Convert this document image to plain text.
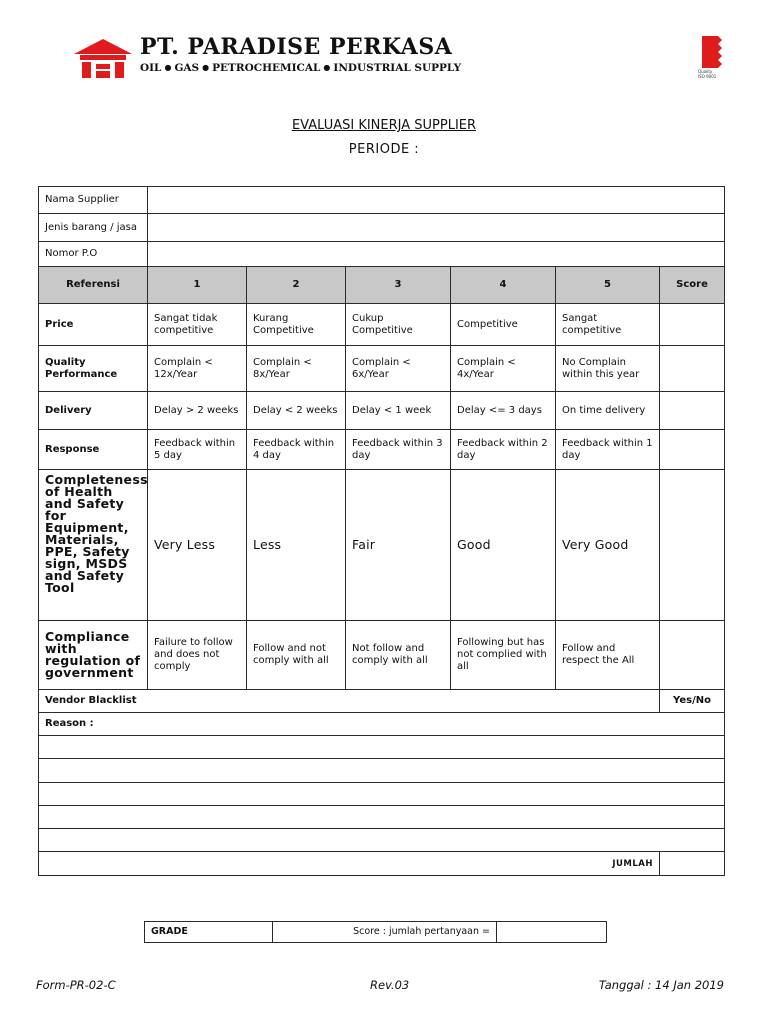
PT. PARADISE PERKASA
OIL ● GAS ● PETROCHEMICAL ● INDUSTRIAL SUPPLY	Quality
ISO 9001
EVALUASI KINERJA SUPPLIER
PERIODE :
Nama Supplier						
Jenis barang / jasa						
Nomor P.O						
Referensi	1	2	3	4	5	Score
Price	Sangat tidak competitive	Kurang Competitive	Cukup Competitive	Competitive	Sangat competitive	
Quality Performance	Complain < 12x/Year	Complain < 8x/Year	Complain < 6x/Year	Complain < 4x/Year	No Complain within this year	
Delivery	Delay > 2 weeks	Delay < 2 weeks	Delay < 1 week	Delay <= 3 days	On time delivery	
Response	Feedback within 5 day	Feedback within 4 day	Feedback within 3 day	Feedback within 2 day	Feedback within 1 day	
Completeness of Health and Safety for Equipment, Materials, PPE, Safety sign, MSDS and Safety Tool	Very Less	Less	Fair	Good	Very Good	
Compliance with regulation of government	Failure to follow and does not comply	Follow and not comply with all	Not follow and comply with all	Following but has not complied with all	Follow and respect the All	
Vendor Blacklist						Yes/No
Reason :						

JUMLAH						
GRADE	Score : jumlah pertanyaan =	
Form-PR-02-C	Rev.03	Tanggal : 14 Jan 2019
